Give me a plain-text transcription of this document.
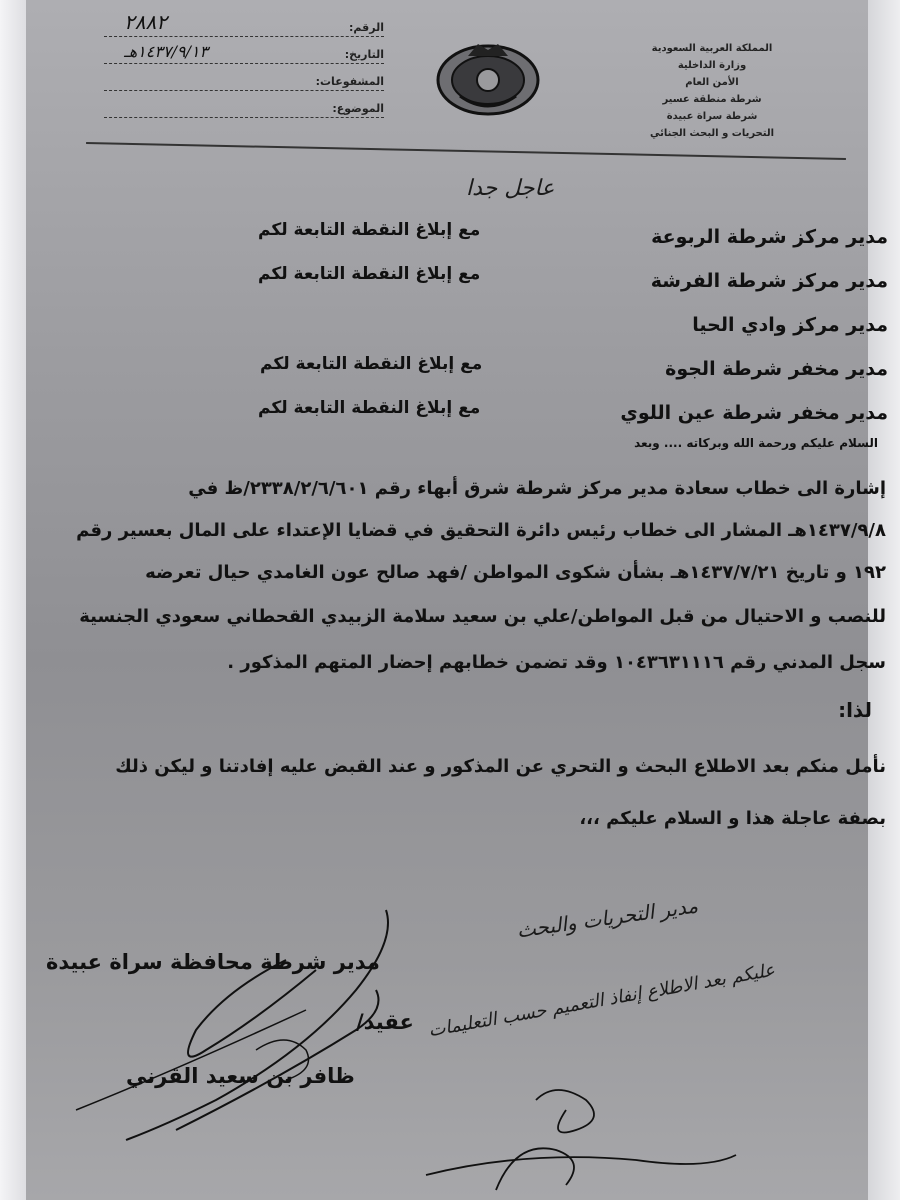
المملكة العربية السعودية
وزارة الداخلية
الأمن العام
شرطة منطقة عسير
شرطة سراة عبيدة
التحريات و البحث الجنائي
الرقم:
٢٨٨٢
التاريخ:
١٤٣٧/٩/١٣هـ
المشفوعات:
الموضوع:
عاجل جدا
مدير مركز شرطة الربوعة
مع إبلاغ النقطة التابعة لكم
مدير مركز شرطة الفرشة
مع إبلاغ النقطة التابعة لكم
مدير مركز وادي الحيا
مدير مخفر شرطة الجوة
مع إبلاغ النقطة التابعة لكم
مدير مخفر شرطة عين اللوي
مع إبلاغ النقطة التابعة لكم
السلام عليكم ورحمة الله وبركاته .... وبعد
إشارة الى خطاب سعادة مدير مركز شرطة شرق أبهاء رقم ٢٣٣٨/٢/٦/٦٠١/ظ في
١٤٣٧/٩/٨هـ المشار الى خطاب رئيس دائرة التحقيق في قضايا الإعتداء على المال بعسير رقم
١٩٢ و تاريخ ١٤٣٧/٧/٢١هـ بشأن شكوى المواطن /فهد صالح عون الغامدي حيال تعرضه
للنصب و الاحتيال من قبل المواطن/علي بن سعيد سلامة الزبيدي القحطاني سعودي الجنسية
سجل المدني رقم ١٠٤٣٦٣١١١٦ وقد تضمن خطابهم إحضار المتهم المذكور .
لذا:
نأمل منكم بعد الاطلاع البحث و التحري عن المذكور و عند القبض عليه إفادتنا و ليكن ذلك
بصفة عاجلة هذا و السلام عليكم ،،،
مدير شرطة محافظة سراة عبيدة
عقيد/
ظافر بن سعيد القرني
مدير التحريات والبحث
عليكم بعد الاطلاع إنفاذ التعميم حسب التعليمات
